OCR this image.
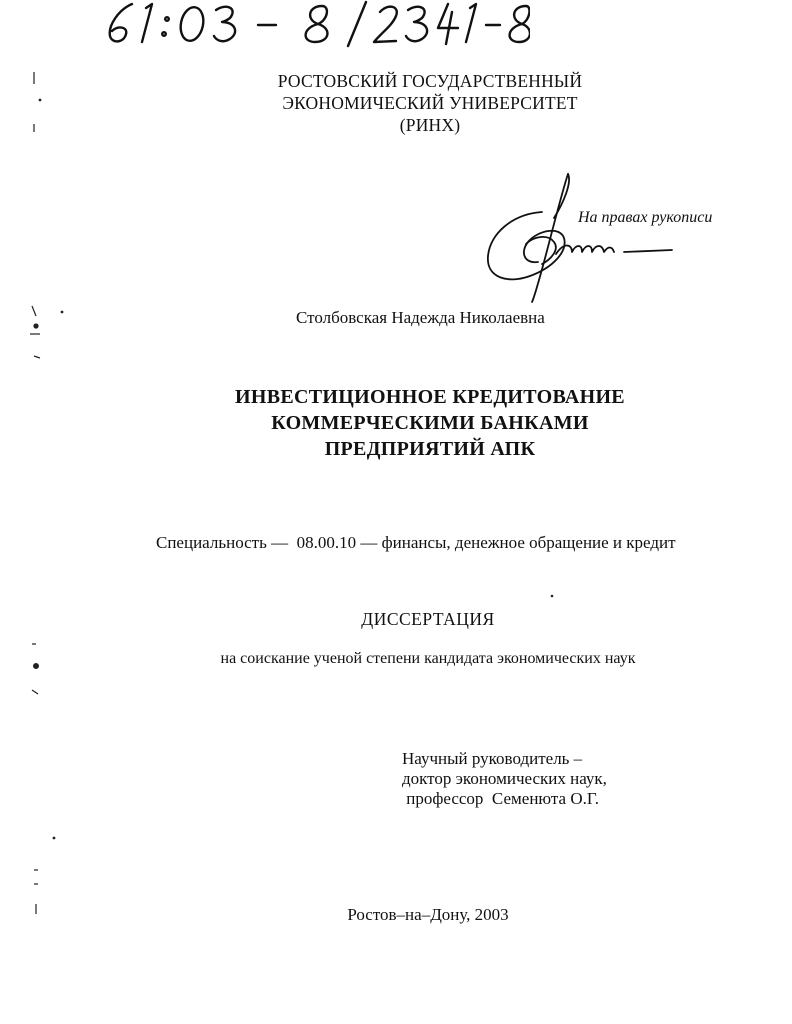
РОСТОВСКИЙ ГОСУДАРСТВЕННЫЙ
ЭКОНОМИЧЕСКИЙ УНИВЕРСИТЕТ
(РИНХ)

На правах рукописи

Столбовская Надежда Николаевна

ИНВЕСТИЦИОННОЕ КРЕДИТОВАНИЕ
КОММЕРЧЕСКИМИ БАНКАМИ
ПРЕДПРИЯТИЙ АПК

Специальность — 08.00.10 — финансы, денежное обращение и кредит

ДИССЕРТАЦИЯ

на соискание ученой степени кандидата экономических наук

Научный руководитель –
доктор экономических наук,
профессор  Семенюта О.Г.

Ростов–на–Дону, 2003
